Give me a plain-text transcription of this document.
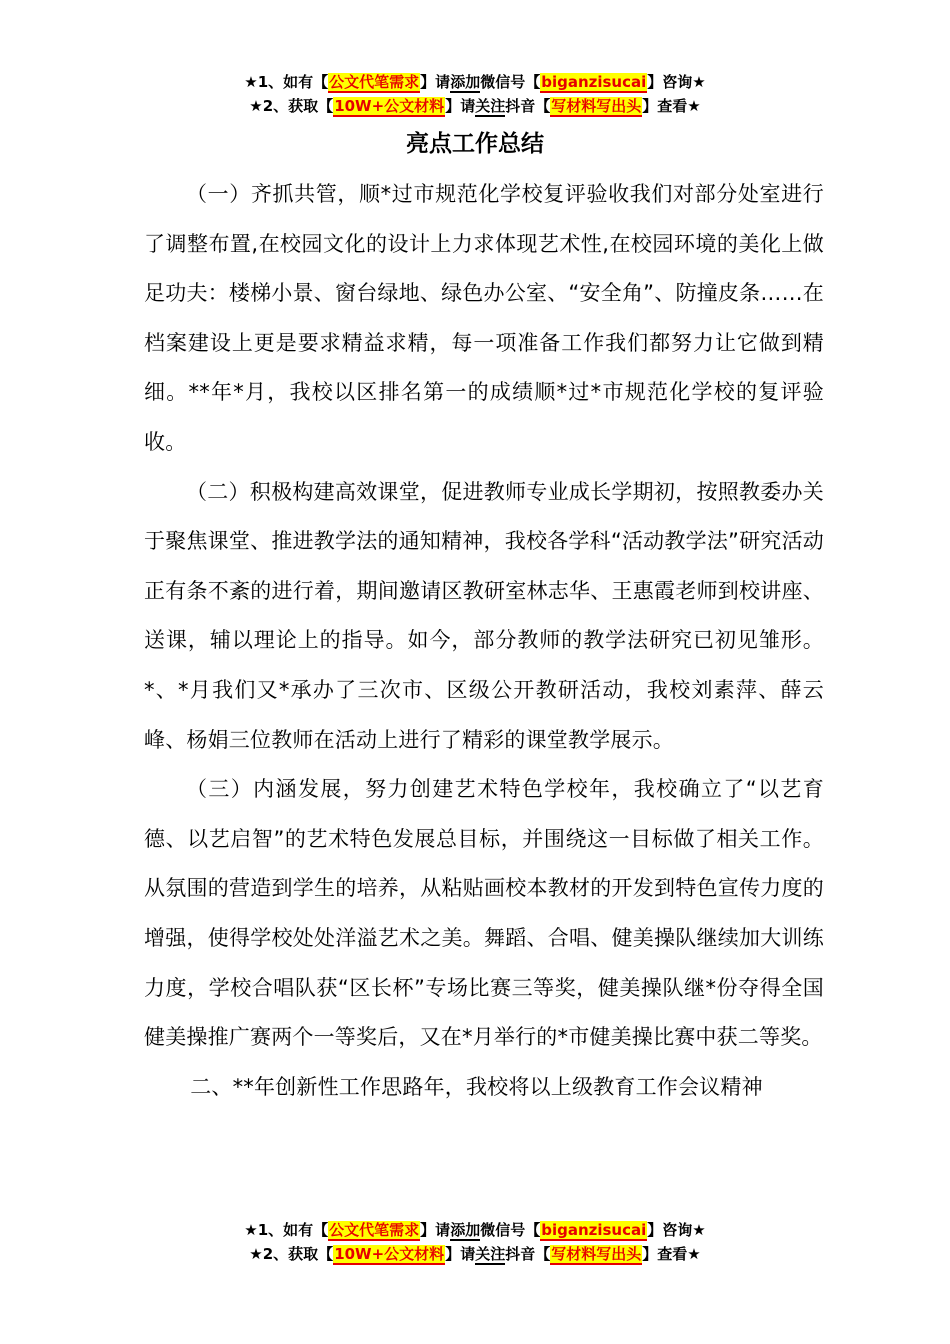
★1、如有【公文代笔需求】请添加微信号【biganzisucai】咨询★
★2、获取【10W+公文材料】请关注抖音【写材料写出头】查看★
亮点工作总结

（一）齐抓共管，顺*过市规范化学校复评验收我们对部分处室进行了调整布置,在校园文化的设计上力求体现艺术性,在校园环境的美化上做足功夫：楼梯小景、窗台绿地、绿色办公室、“安全角”、防撞皮条……在档案建设上更是要求精益求精，每一项准备工作我们都努力让它做到精细。**年*月，我校以区排名第一的成绩顺*过*市规范化学校的复评验收。

（二）积极构建高效课堂，促进教师专业成长学期初，按照教委办关于聚焦课堂、推进教学法的通知精神，我校各学科“活动教学法”研究活动正有条不紊的进行着，期间邀请区教研室林志华、王惠霞老师到校讲座、送课，辅以理论上的指导。如今，部分教师的教学法研究已初见雏形。*、*月我们又*承办了三次市、区级公开教研活动，我校刘素萍、薛云峰、杨娟三位教师在活动上进行了精彩的课堂教学展示。

（三）内涵发展，努力创建艺术特色学校年，我校确立了“以艺育德、以艺启智”的艺术特色发展总目标，并围绕这一目标做了相关工作。从氛围的营造到学生的培养，从粘贴画校本教材的开发到特色宣传力度的增强，使得学校处处洋溢艺术之美。舞蹈、合唱、健美操队继续加大训练力度，学校合唱队获“区长杯”专场比赛三等奖，健美操队继*份夺得全国健美操推广赛两个一等奖后，又在*月举行的*市健美操比赛中获二等奖。

二、**年创新性工作思路年，我校将以上级教育工作会议精神

★1、如有【公文代笔需求】请添加微信号【biganzisucai】咨询★
★2、获取【10W+公文材料】请关注抖音【写材料写出头】查看★
